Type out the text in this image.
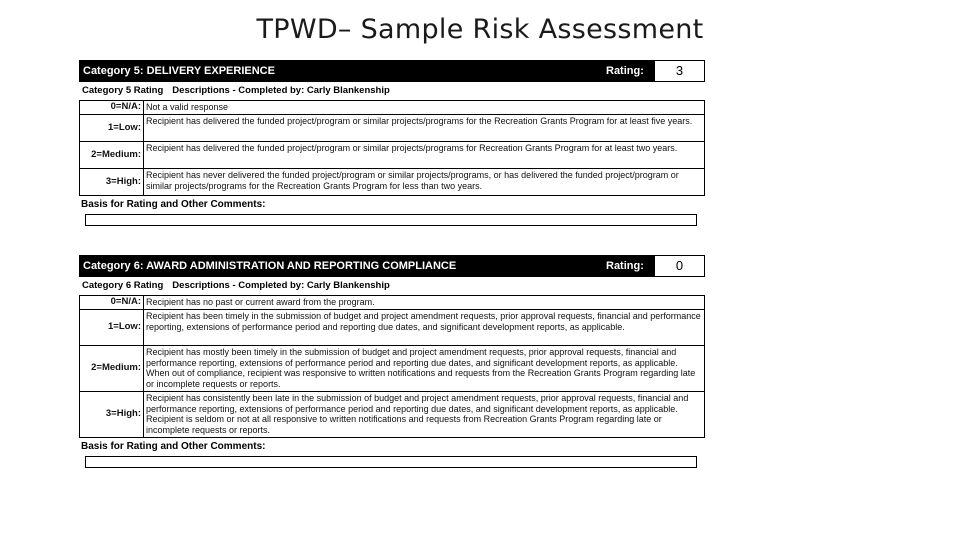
TPWD– Sample Risk Assessment
Category 5: DELIVERY EXPERIENCE	Rating:	3
Category 5 Rating Descriptions - Completed by: Carly Blankenship
0=N/A:	Not a valid response
1=Low:	Recipient has delivered the funded project/program or similar projects/programs for the Recreation Grants Program for at least five years.
2=Medium:	Recipient has delivered the funded project/program or similar projects/programs for Recreation Grants Program for at least two years.
3=High:	Recipient has never delivered the funded project/program or similar projects/programs, or has delivered the funded project/program or similar projects/programs for the Recreation Grants Program for less than two years.
Basis for Rating and Other Comments:
Category 6: AWARD ADMINISTRATION AND REPORTING COMPLIANCE	Rating:	0
Category 6 Rating Descriptions - Completed by: Carly Blankenship
0=N/A:	Recipient has no past or current award from the program.
1=Low:	Recipient has been timely in the submission of budget and project amendment requests, prior approval requests, financial and performance reporting, extensions of performance period and reporting due dates, and significant development reports, as applicable.
2=Medium:	Recipient has mostly been timely in the submission of budget and project amendment requests, prior approval requests, financial and performance reporting, extensions of performance period and reporting due dates, and significant development reports, as applicable. When out of compliance, recipient was responsive to written notifications and requests from the Recreation Grants Program regarding late or incomplete requests or reports.
3=High:	Recipient has consistently been late in the submission of budget and project amendment requests, prior approval requests, financial and performance reporting, extensions of performance period and reporting due dates, and significant development reports, as applicable. Recipient is seldom or not at all responsive to written notifications and requests from Recreation Grants Program regarding late or incomplete requests or reports.
Basis for Rating and Other Comments:
